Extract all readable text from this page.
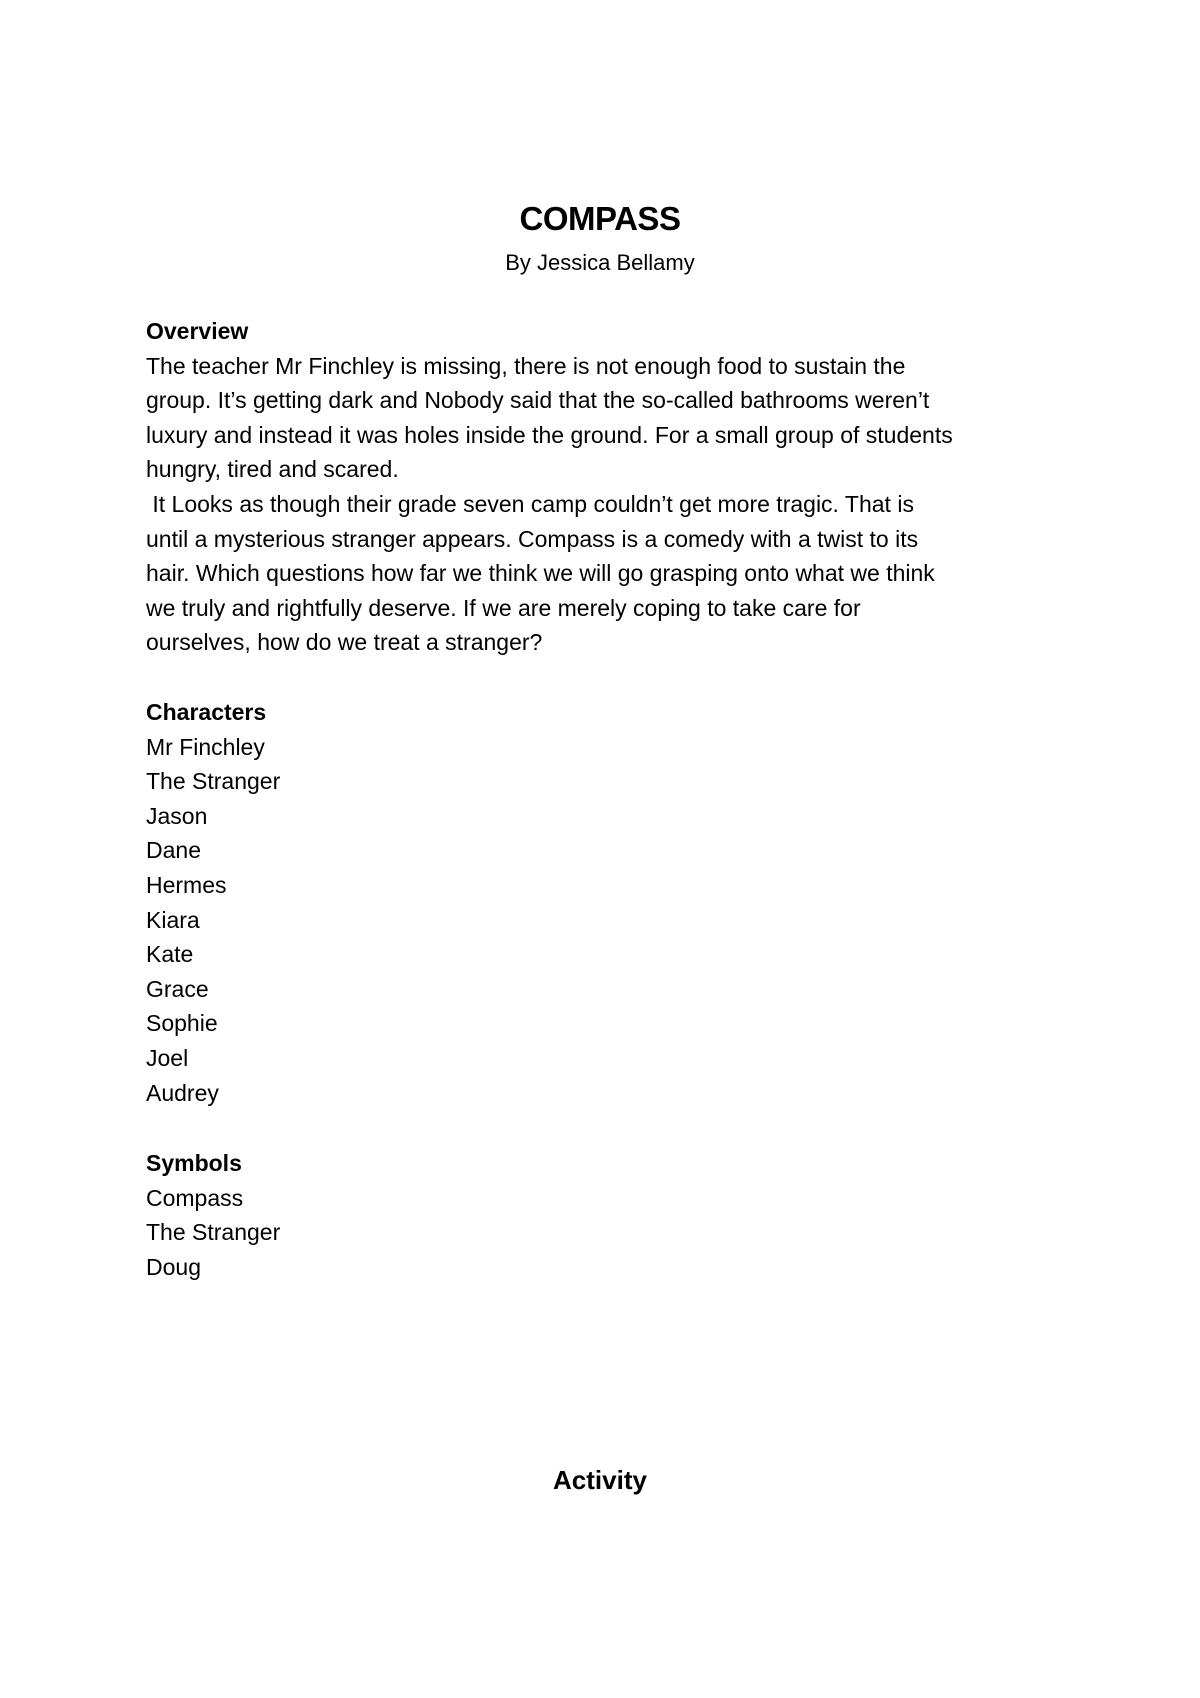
COMPASS
By Jessica Bellamy
Overview
The teacher Mr Finchley is missing, there is not enough food to sustain the
group. It’s getting dark and Nobody said that the so-called bathrooms weren’t
luxury and instead it was holes inside the ground. For a small group of students
hungry, tired and scared.
It Looks as though their grade seven camp couldn’t get more tragic. That is
until a mysterious stranger appears. Compass is a comedy with a twist to its
hair. Which questions how far we think we will go grasping onto what we think
we truly and rightfully deserve. If we are merely coping to take care for
ourselves, how do we treat a stranger?
Characters
Mr Finchley
The Stranger
Jason
Dane
Hermes
Kiara
Kate
Grace
Sophie
Joel
Audrey
Symbols
Compass
The Stranger
Doug
Activity
